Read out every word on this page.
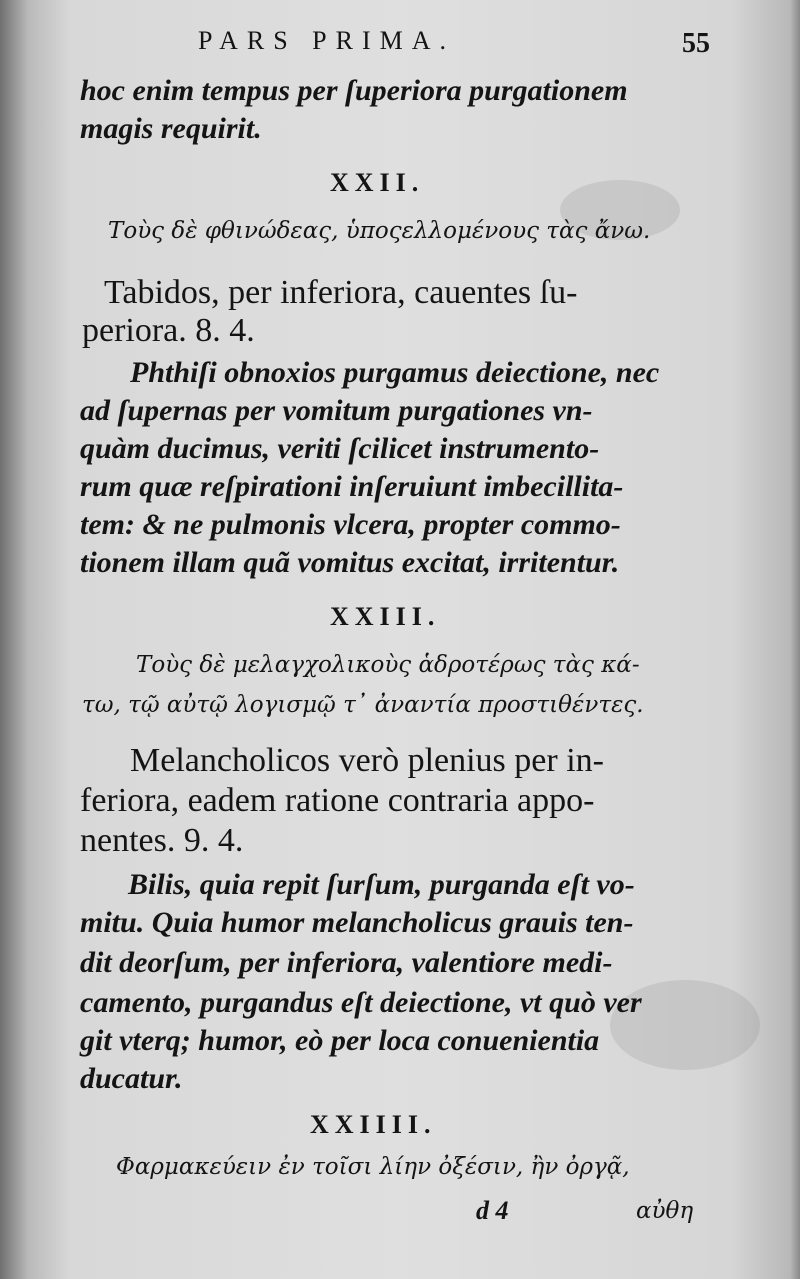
PARS PRIMA.	55
hoc enim tempus per ſuperiora purgationem
magis requirit.
XXII.
Τοὺς δὲ φθινώδεας, ὑποςελλομένους τὰς ἄνω.
Tabidos, per inferiora, cauentes ſu-
periora. 8. 4.
Phthiſi obnoxios purgamus deiectione, nec
ad ſupernas per vomitum purgationes vn-
quàm ducimus, veriti ſcilicet instrumento-
rum quæ reſpirationi inſeruiunt imbecillita-
tem: & ne pulmonis vlcera, propter commo-
tionem illam quã vomitus excitat, irritentur.
XXIII.
Τοὺς δὲ μελαγχολικοὺς ἁδροτέρως τὰς κά-
τω, τῷ αὐτῷ λογισμῷ τ᾽ ἀναντία προστιθέντες.
Melancholicos verò plenius per in-
feriora, eadem ratione contraria appo-
nentes. 9. 4.
Bilis, quia repit ſurſum, purganda eſt vo-
mitu. Quia humor melancholicus grauis ten-
dit deorſum, per inferiora, valentiore medi-
camento, purgandus eſt deiectione, vt quò ver
git vterq; humor, eò per loca conuenientia
ducatur.
XXIIII.
Φαρμακεύειν ἐν τοῖσι λίην ὀξέσιν, ἢν ὀργᾷ,
d 4	αὐθη
